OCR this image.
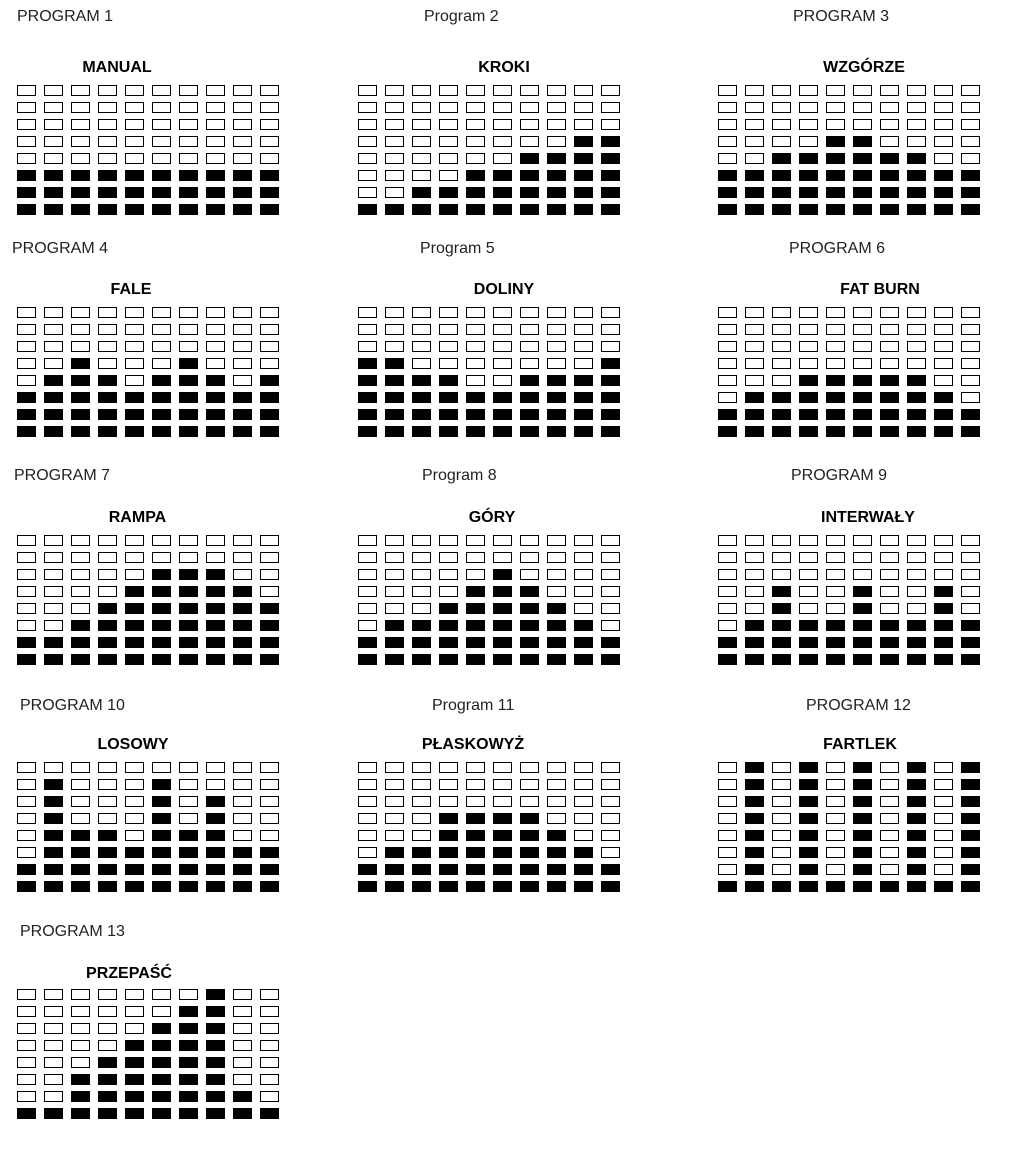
PROGRAM 1
MANUAL
Program 2
KROKI
PROGRAM 3
WZGÓRZE
PROGRAM 4
FALE
Program 5
DOLINY
PROGRAM 6
FAT BURN
PROGRAM 7
RAMPA
Program 8
GÓRY
PROGRAM 9
INTERWAŁY
PROGRAM 10
LOSOWY
Program 11
PŁASKOWYŻ
PROGRAM 12
FARTLEK
PROGRAM 13
PRZEPAŚĆ
